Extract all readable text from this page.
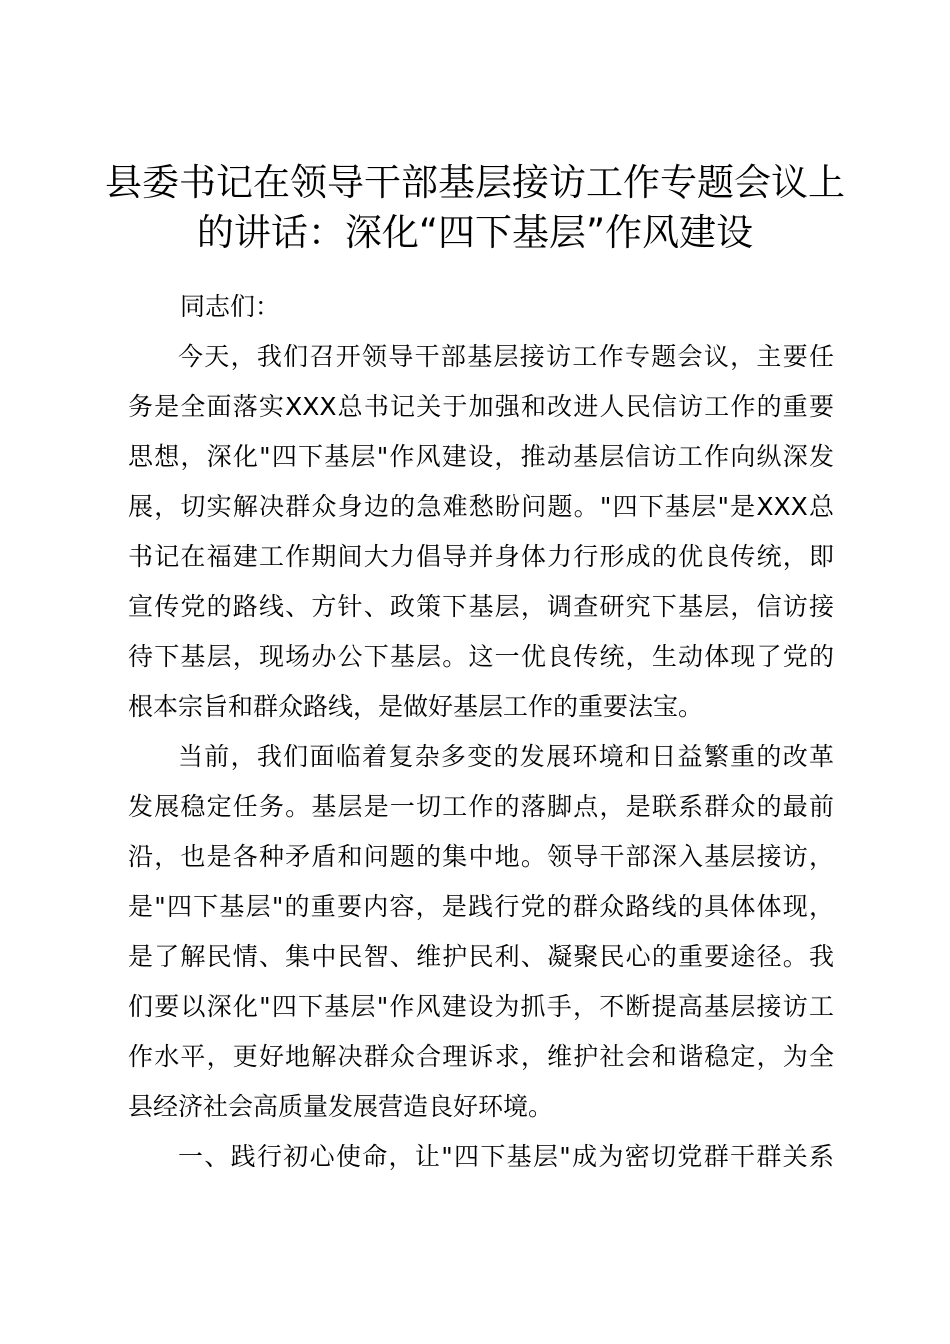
县委书记在领导干部基层接访工作专题会议上
的讲话：深化“四下基层”作风建设

同志们：

今天，我们召开领导干部基层接访工作专题会议，主要任
务是全面落实XXX总书记关于加强和改进人民信访工作的重要
思想，深化"四下基层"作风建设，推动基层信访工作向纵深发
展，切实解决群众身边的急难愁盼问题。"四下基层"是XXX总
书记在福建工作期间大力倡导并身体力行形成的优良传统，即
宣传党的路线、方针、政策下基层，调查研究下基层，信访接
待下基层，现场办公下基层。这一优良传统，生动体现了党的
根本宗旨和群众路线，是做好基层工作的重要法宝。

当前，我们面临着复杂多变的发展环境和日益繁重的改革
发展稳定任务。基层是一切工作的落脚点，是联系群众的最前
沿，也是各种矛盾和问题的集中地。领导干部深入基层接访，
是"四下基层"的重要内容，是践行党的群众路线的具体体现，
是了解民情、集中民智、维护民利、凝聚民心的重要途径。我
们要以深化"四下基层"作风建设为抓手，不断提高基层接访工
作水平，更好地解决群众合理诉求，维护社会和谐稳定，为全
县经济社会高质量发展营造良好环境。

一、践行初心使命，让"四下基层"成为密切党群干群关系
